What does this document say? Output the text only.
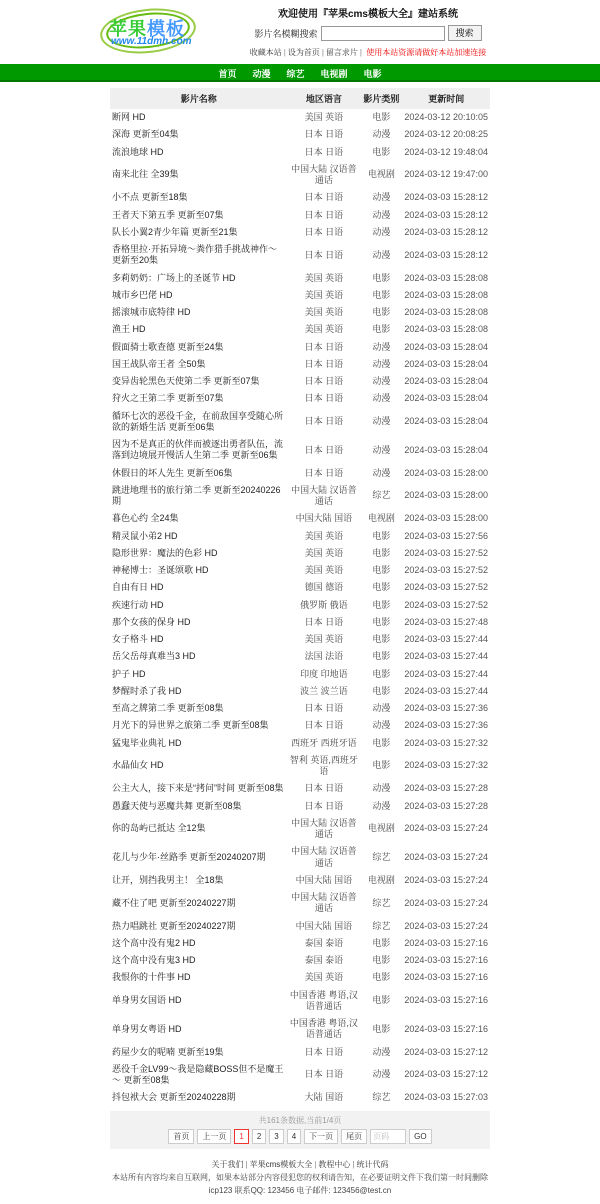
苹果模板
www.11dmh.com
欢迎使用『苹果cms模板大全』建站系统
影片名模糊搜索	搜索
收藏本站 | 设为首页 | 留言求片 | 使用本站资源请做好本站加速连接
首页 动漫 综艺 电视剧 电影
影片名称	地区语言	影片类别	更新时间
断网 HD	美国 英语	电影	2024-03-12 20:10:05
深海 更新至04集	日本 日语	动漫	2024-03-12 20:08:25
流浪地球 HD	日本 日语	电影	2024-03-12 19:48:04
南来北往 全39集	中国大陆 汉语普通话	电视剧	2024-03-12 19:47:00
小不点 更新至18集	日本 日语	动漫	2024-03-03 15:28:12
王者天下第五季 更新至07集	日本 日语	动漫	2024-03-03 15:28:12
队长小翼2青少年篇 更新至21集	日本 日语	动漫	2024-03-03 15:28:12
香格里拉·开拓异境～粪作猎手挑战神作～ 更新至20集	日本 日语	动漫	2024-03-03 15:28:12
多莉奶奶：广场上的圣诞节 HD	美国 英语	电影	2024-03-03 15:28:08
城市乡巴佬 HD	美国 英语	电影	2024-03-03 15:28:08
摇滚城市底特律 HD	美国 英语	电影	2024-03-03 15:28:08
渔王 HD	美国 英语	电影	2024-03-03 15:28:08
假面骑士歌查德 更新至24集	日本 日语	动漫	2024-03-03 15:28:04
国王战队帝王者 全50集	日本 日语	动漫	2024-03-03 15:28:04
变异齿轮黑色天使第二季 更新至07集	日本 日语	动漫	2024-03-03 15:28:04
狩火之王第二季 更新至07集	日本 日语	动漫	2024-03-03 15:28:04
循环七次的恶役千金，在前敌国享受随心所欲的新婚生活 更新至06集	日本 日语	动漫	2024-03-03 15:28:04
因为不是真正的伙伴而被逐出勇者队伍，流落到边境展开慢活人生第二季 更新至06集	日本 日语	动漫	2024-03-03 15:28:04
休假日的坏人先生 更新至06集	日本 日语	动漫	2024-03-03 15:28:00
跳进地理书的旅行第二季 更新至20240226期	中国大陆 汉语普通话	综艺	2024-03-03 15:28:00
暮色心约 全24集	中国大陆 国语	电视剧	2024-03-03 15:28:00
精灵鼠小弟2 HD	美国 英语	电影	2024-03-03 15:27:56
隐形世界：魔法的色彩 HD	美国 英语	电影	2024-03-03 15:27:52
神秘博士：圣诞颂歌 HD	美国 英语	电影	2024-03-03 15:27:52
自由有日 HD	德国 德语	电影	2024-03-03 15:27:52
疾速行动 HD	俄罗斯 俄语	电影	2024-03-03 15:27:52
那个女孩的保身 HD	日本 日语	电影	2024-03-03 15:27:48
女子格斗 HD	美国 英语	电影	2024-03-03 15:27:44
岳父岳母真难当3 HD	法国 法语	电影	2024-03-03 15:27:44
护子 HD	印度 印地语	电影	2024-03-03 15:27:44
梦醒时杀了我 HD	波兰 波兰语	电影	2024-03-03 15:27:44
至高之牌第二季 更新至08集	日本 日语	动漫	2024-03-03 15:27:36
月光下的异世界之旅第二季 更新至08集	日本 日语	动漫	2024-03-03 15:27:36
猛鬼毕业典礼 HD	西班牙 西班牙语	电影	2024-03-03 15:27:32
水晶仙女 HD	智利 英语,西班牙语	电影	2024-03-03 15:27:32
公主大人，接下来是“拷问”时间 更新至08集	日本 日语	动漫	2024-03-03 15:27:28
愚蠢天使与恶魔共舞 更新至08集	日本 日语	动漫	2024-03-03 15:27:28
你的岛屿已抵达 全12集	中国大陆 汉语普通话	电视剧	2024-03-03 15:27:24
花儿与少年·丝路季 更新至20240207期	中国大陆 汉语普通话	综艺	2024-03-03 15:27:24
让开，别挡我男主！ 全18集	中国大陆 国语	电视剧	2024-03-03 15:27:24
藏不住了吧 更新至20240227期	中国大陆 汉语普通话	综艺	2024-03-03 15:27:24
热力唱跳社 更新至20240227期	中国大陆 国语	综艺	2024-03-03 15:27:24
这个高中没有鬼2 HD	泰国 泰语	电影	2024-03-03 15:27:16
这个高中没有鬼3 HD	泰国 泰语	电影	2024-03-03 15:27:16
我恨你的十件事 HD	美国 英语	电影	2024-03-03 15:27:16
单身男女国语 HD	中国香港 粤语,汉语普通话	电影	2024-03-03 15:27:16
单身男女粤语 HD	中国香港 粤语,汉语普通话	电影	2024-03-03 15:27:16
药屋少女的呢喃 更新至19集	日本 日语	动漫	2024-03-03 15:27:12
恶役千金LV99～我是隐藏BOSS但不是魔王～ 更新至08集	日本 日语	动漫	2024-03-03 15:27:12
抖包袱大会 更新至20240228期	大陆 国语	综艺	2024-03-03 15:27:03
共161条数据,当前1/4页
首页	上一页	1	2	3	4	下一页	尾页
页码	GO
关于我们 | 苹果cms模板大全 | 教程中心 | 统计代码
本站所有内容均来自互联网，如果本站部分内容侵犯您的权利请告知，在必要证明文件下我们第一时间删除
icp123 联系QQ: 123456 电子邮件: 123456@test.cn
